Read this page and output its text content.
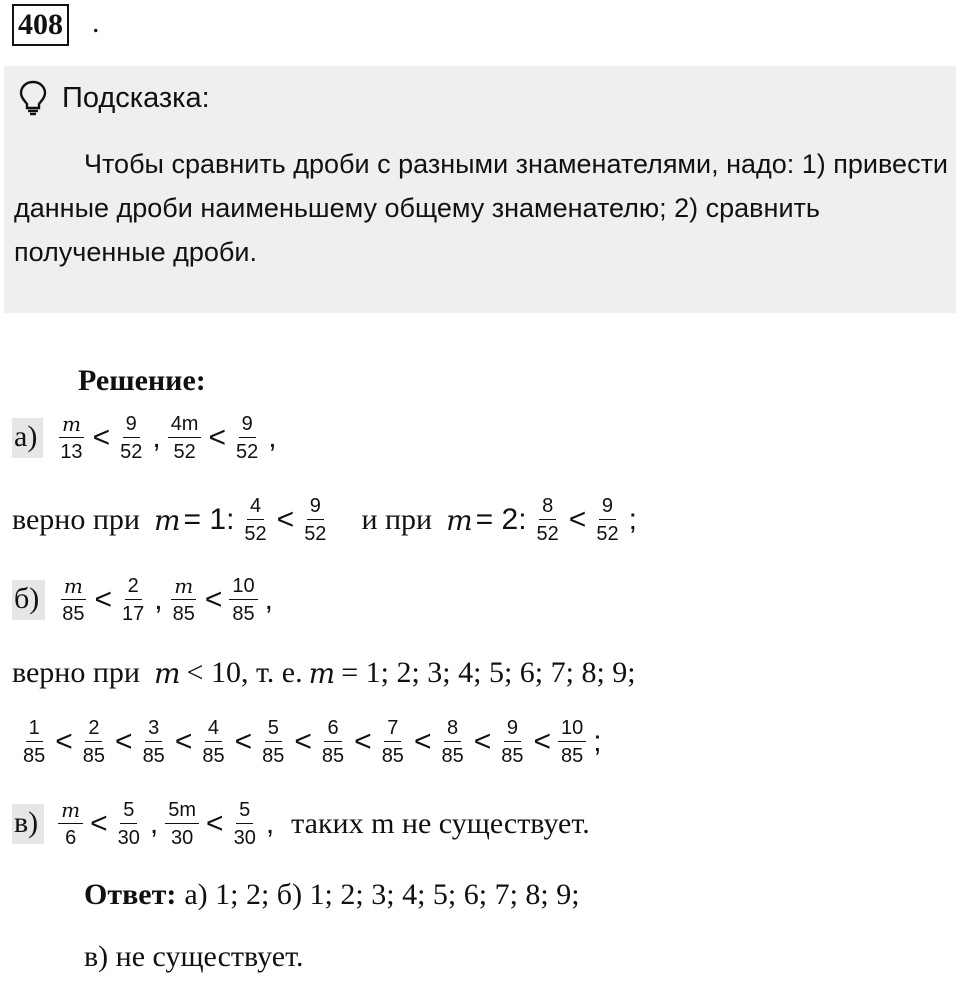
408 .
Подсказка:
Чтобы сравнить дроби с разными знаменателями, надо: 1) привести данные дроби наименьшему общему знаменателю; 2) сравнить полученные дроби.
Решение:
а)	$\frac{m}{13} < \frac{9}{52}$ , $\frac{4m}{52} < \frac{9}{52}$ ,
верно при m = 1: $\frac{4}{52} < \frac{9}{52}$ и при m = 2: $\frac{8}{52} < \frac{9}{52}$ ;
б)	$\frac{m}{85} < \frac{2}{17}$ , $\frac{m}{85} < \frac{10}{85}$ ,
верно при m < 10, т. е. m = 1; 2; 3; 4; 5; 6; 7; 8; 9;
$\frac{1}{85} < \frac{2}{85} < \frac{3}{85} < \frac{4}{85} < \frac{5}{85} < \frac{6}{85} < \frac{7}{85} < \frac{8}{85} < \frac{9}{85} < \frac{10}{85}$ ;
в)	$\frac{m}{6} < \frac{5}{30}$ , $\frac{5m}{30} < \frac{5}{30}$ , таких m не существует.
Ответ: а) 1; 2; б) 1; 2; 3; 4; 5; 6; 7; 8; 9;
в) не существует.
